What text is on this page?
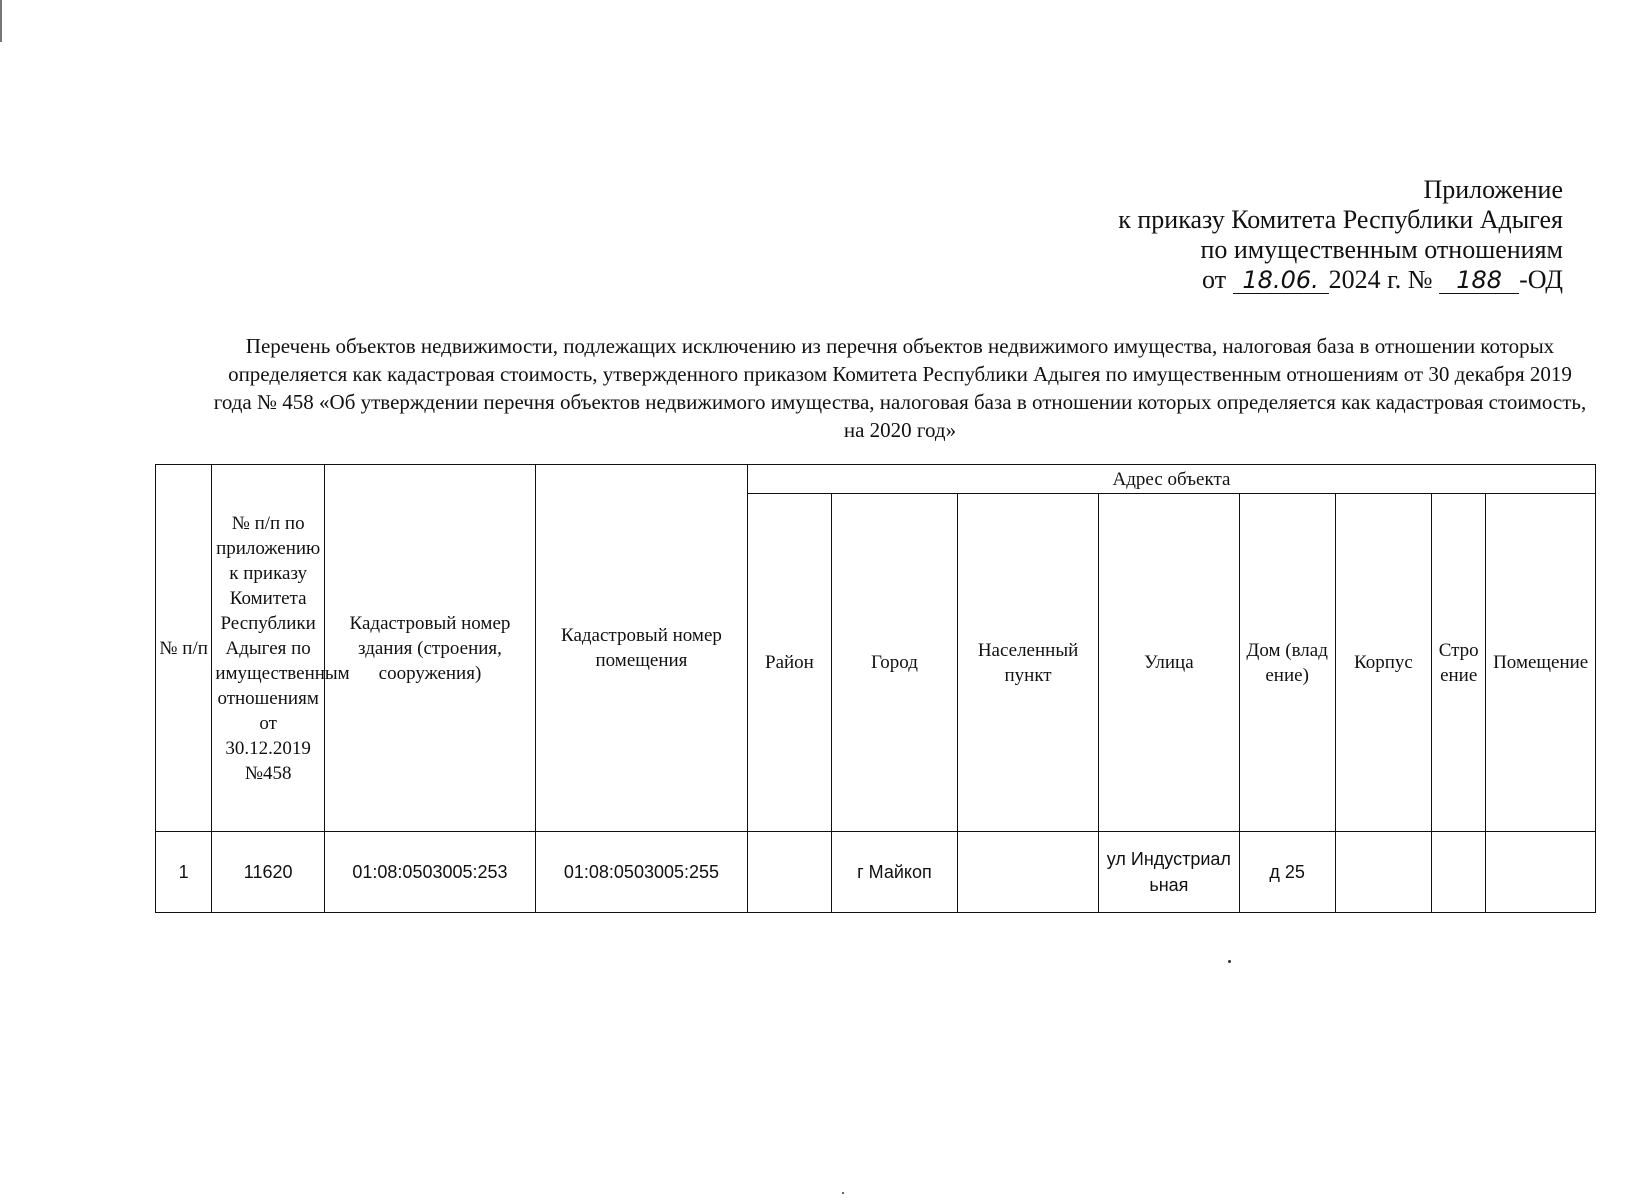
Приложение
к приказу Комитета Республики Адыгея
по имущественным отношениям
от 18.06. 2024 г. № 188 -ОД
Перечень объектов недвижимости, подлежащих исключению из перечня объектов недвижимого имущества, налоговая база в отношении которых определяется как кадастровая стоимость, утвержденного приказом Комитета Республики Адыгея по имущественным отношениям от 30 декабря 2019 года № 458 «Об утверждении перечня объектов недвижимого имущества, налоговая база в отношении которых определяется как кадастровая стоимость, на 2020 год»
№ п/п	№ п/п по приложению к приказу Комитета Республики Адыгея по имущественным отношениям от 30.12.2019 №458	Кадастровый номер здания (строения, сооружения)	Кадастровый номер помещения	Адрес объекта							
				Район	Город	Населенный пункт	Улица	Дом (владение)	Корпус	Строение	Помещение
1	11620	01:08:0503005:253	01:08:0503005:255		г Майкоп		ул Индустриальная	д 25			
